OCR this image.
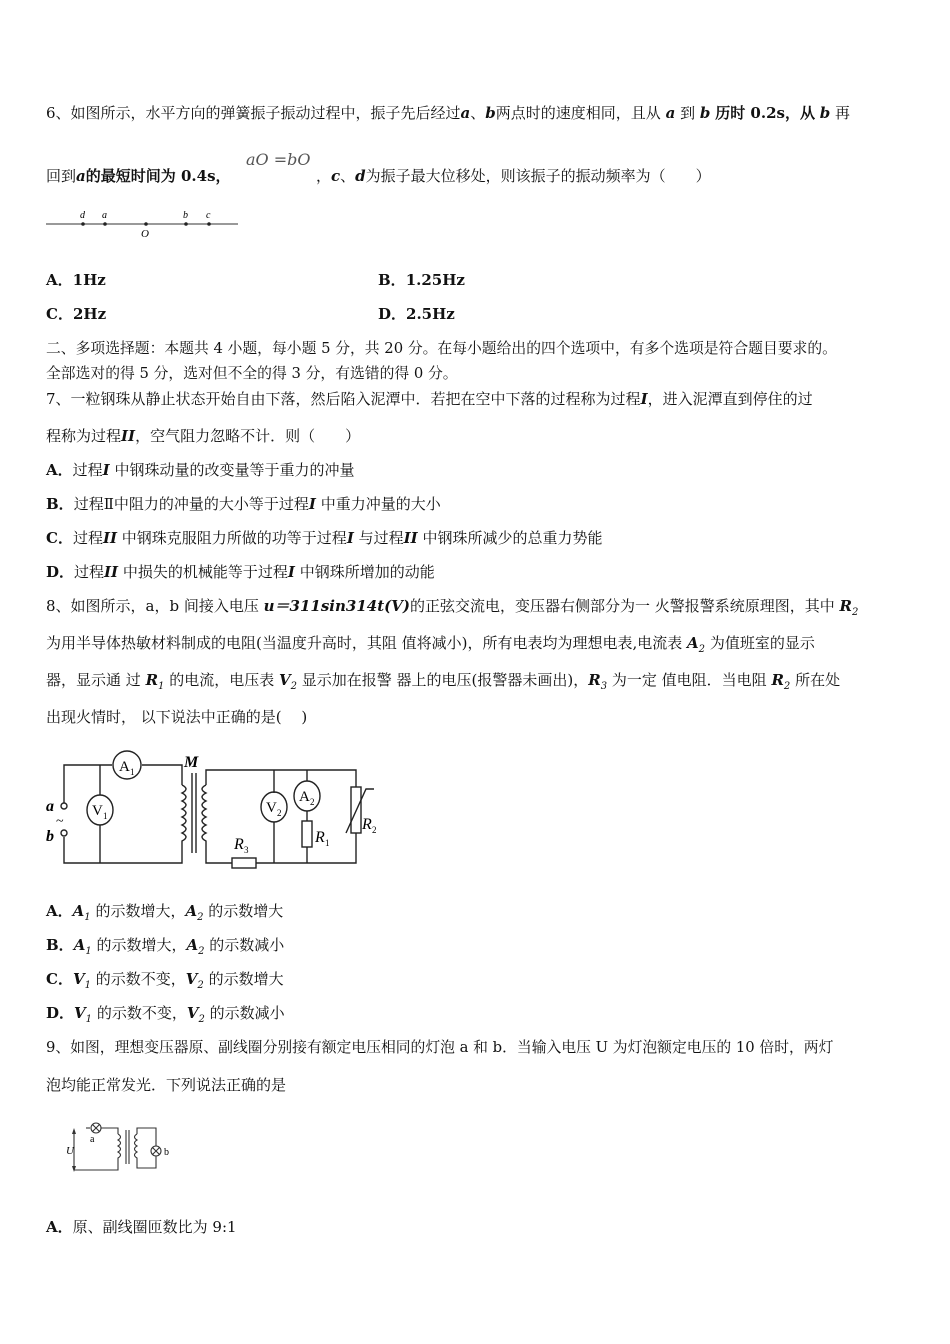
6、如图所示，水平方向的弹簧振子振动过程中，振子先后经过a、b两点时的速度相同，且从 a 到 b 历时 0.2s，从 b 再
aO =bO
回到a的最短时间为 0.4s，	，c、d为振子最大位移处，则该振子的振动频率为（　　）
d a
O
b c
A．1Hz	B．1.25Hz
C．2Hz	D．2.5Hz
二、多项选择题：本题共 4 小题，每小题 5 分，共 20 分。在每小题给出的四个选项中，有多个选项是符合题目要求的。
全部选对的得 5 分，选对但不全的得 3 分，有选错的得 0 分。
7、一粒钢珠从静止状态开始自由下落，然后陷入泥潭中．若把在空中下落的过程称为过程I，进入泥潭直到停住的过
程称为过程II，空气阻力忽略不计．则（　　）
A．过程I 中钢珠动量的改变量等于重力的冲量
B．过程Ⅱ中阻力的冲量的大小等于过程I 中重力冲量的大小
C．过程II 中钢珠克服阻力所做的功等于过程I 与过程II 中钢珠所减少的总重力势能
D．过程II 中损失的机械能等于过程I 中钢珠所增加的动能
8、如图所示，a，b 间接入电压 u＝311sin314t(V)的正弦交流电，变压器右侧部分为一 火警报警系统原理图，其中 $R_2$
为用半导体热敏材料制成的电阻(当温度升高时，其阻 值将减小)，所有电表均为理想电表,电流表 $A_2$ 为值班室的显示
器，显示通 过 $R_1$ 的电流，电压表 $V_2$ 显示加在报警 器上的电压(报警器未画出)，$R_3$ 为一定 值电阻．当电阻 $R_2$ 所在处
出现火情时， 以下说法中正确的是(　 )
A 1
V 1	V 2
A 2
M
a
~
b	R 1
R 2
R 3
A．$A_1$ 的示数增大，$A_2$ 的示数增大
B．$A_1$ 的示数增大，$A_2$ 的示数减小
C．$V_1$ 的示数不变，$V_2$ 的示数增大
D．$V_1$ 的示数不变，$V_2$ 的示数减小
9、如图，理想变压器原、副线圈分别接有额定电压相同的灯泡 a 和 b．当输入电压 U 为灯泡额定电压的 10 倍时，两灯
泡均能正常发光．下列说法正确的是
a
U	b
A．原、副线圈匝数比为 9:1
